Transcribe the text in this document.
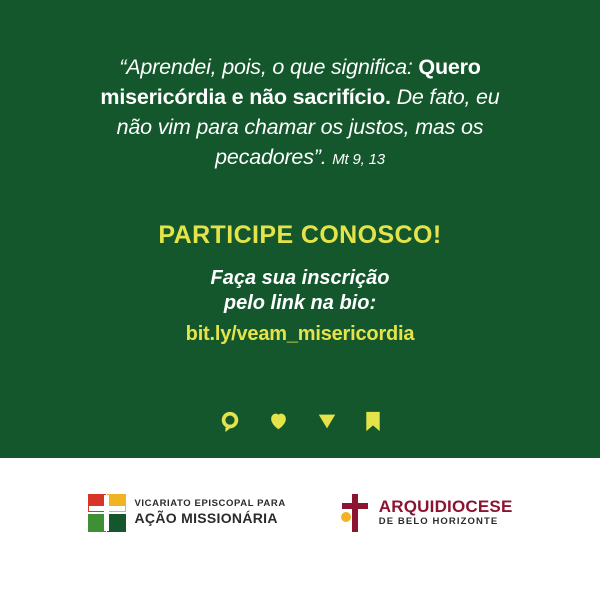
“Aprendei, pois, o que significa: Quero misericórdia e não sacrifício. De fato, eu não vim para chamar os justos, mas os pecadores”. Mt 9, 13
PARTICIPE CONOSCO!
Faça sua inscrição
pelo link na bio:
bit.ly/veam_misericordia
VICARIATO EPISCOPAL PARA
AÇÃO MISSIONÁRIA
ARQUIDIOCESE
DE BELO HORIZONTE
